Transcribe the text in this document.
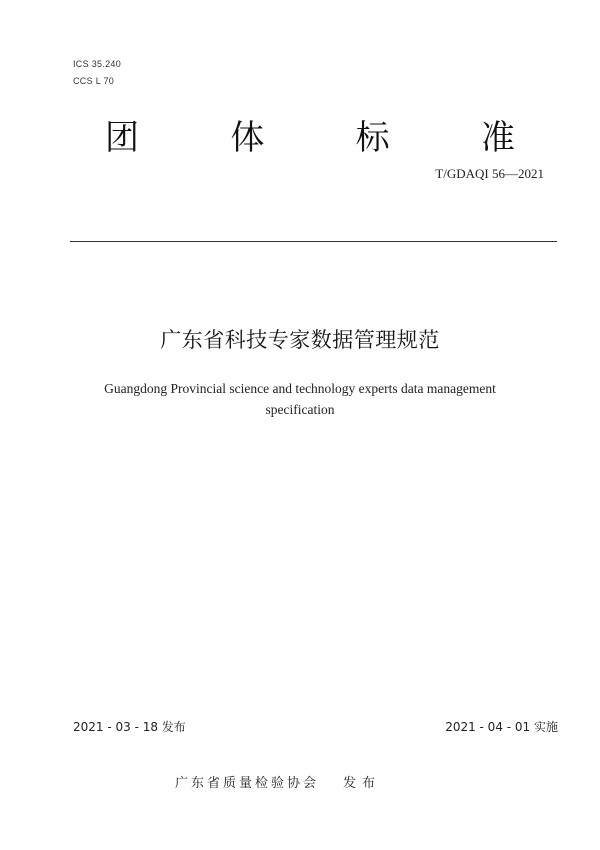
ICS 35.240
CCS L 70
团	体	标	准
T/GDAQI 56—2021
广东省科技专家数据管理规范
Guangdong Provincial science and technology experts data management specification
2021 - 03 - 18 发布	2021 - 04 - 01 实施
广东省质量检验协会 发布
